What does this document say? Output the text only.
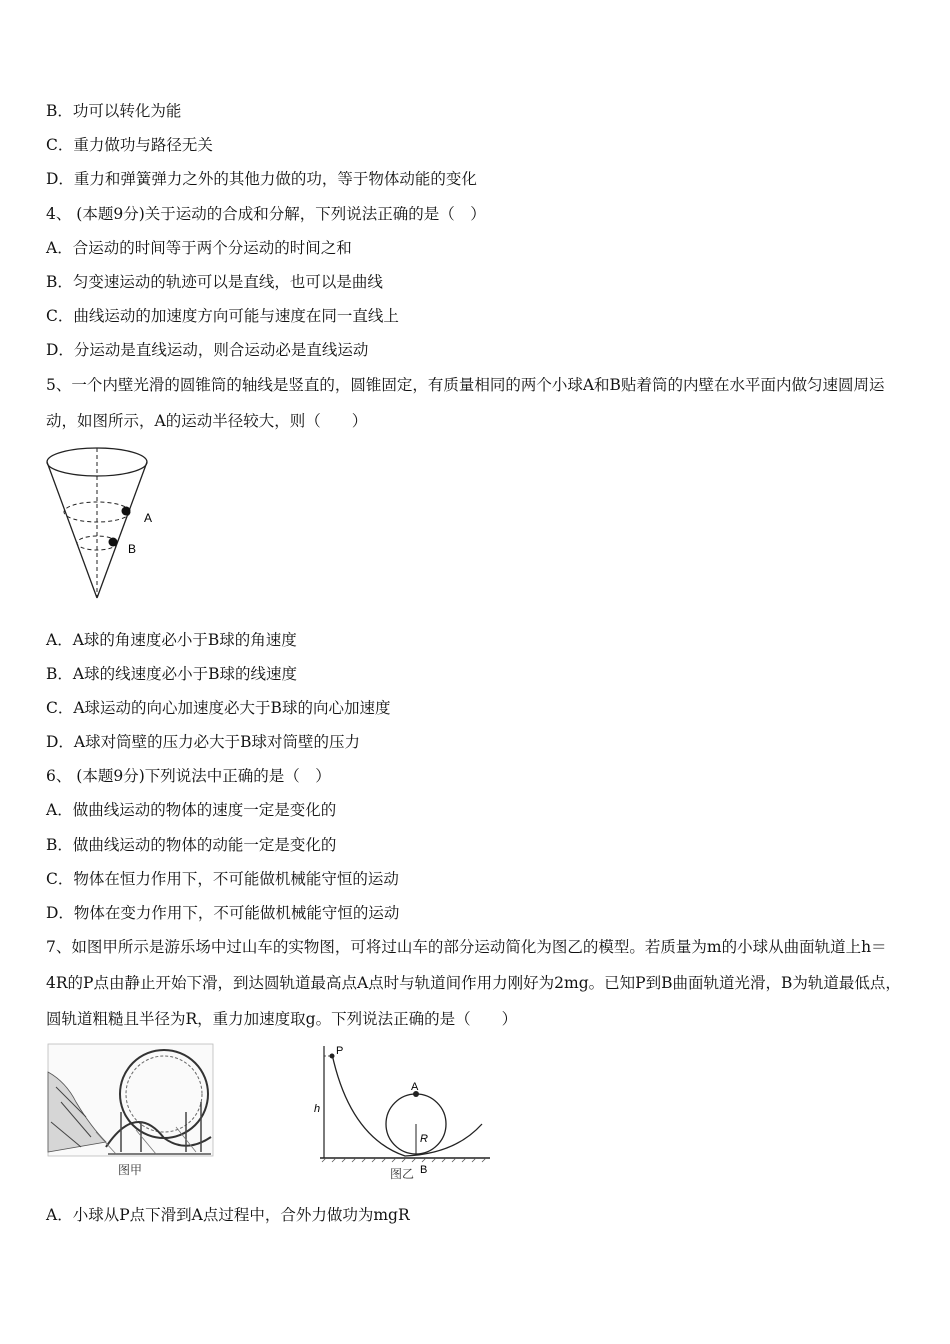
B．功可以转化为能
C．重力做功与路径无关
D．重力和弹簧弹力之外的其他力做的功，等于物体动能的变化
4、 (本题9分)关于运动的合成和分解，下列说法正确的是（　）
A．合运动的时间等于两个分运动的时间之和
B．匀变速运动的轨迹可以是直线，也可以是曲线
C．曲线运动的加速度方向可能与速度在同一直线上
D．分运动是直线运动，则合运动必是直线运动
5、一个内壁光滑的圆锥筒的轴线是竖直的，圆锥固定，有质量相同的两个小球A和B贴着筒的内壁在水平面内做匀速圆周运动，如图所示，A的运动半径较大，则（　　）
A
B
A．A球的角速度必小于B球的角速度
B．A球的线速度必小于B球的线速度
C．A球运动的向心加速度必大于B球的向心加速度
D．A球对筒壁的压力必大于B球对筒壁的压力
6、 (本题9分)下列说法中正确的是（　）
A．做曲线运动的物体的速度一定是变化的
B．做曲线运动的物体的动能一定是变化的
C．物体在恒力作用下，不可能做机械能守恒的运动
D．物体在变力作用下，不可能做机械能守恒的运动
7、如图甲所示是游乐场中过山车的实物图，可将过山车的部分运动简化为图乙的模型。若质量为m的小球从曲面轨道上h＝4R的P点由静止开始下滑，到达圆轨道最高点A点时与轨道间作用力刚好为2mg。已知P到B曲面轨道光滑，B为轨道最低点，圆轨道粗糙且半径为R，重力加速度取g。下列说法正确的是（　　）
图甲
P
h
A
R
图乙 B
A．小球从P点下滑到A点过程中，合外力做功为mgR
